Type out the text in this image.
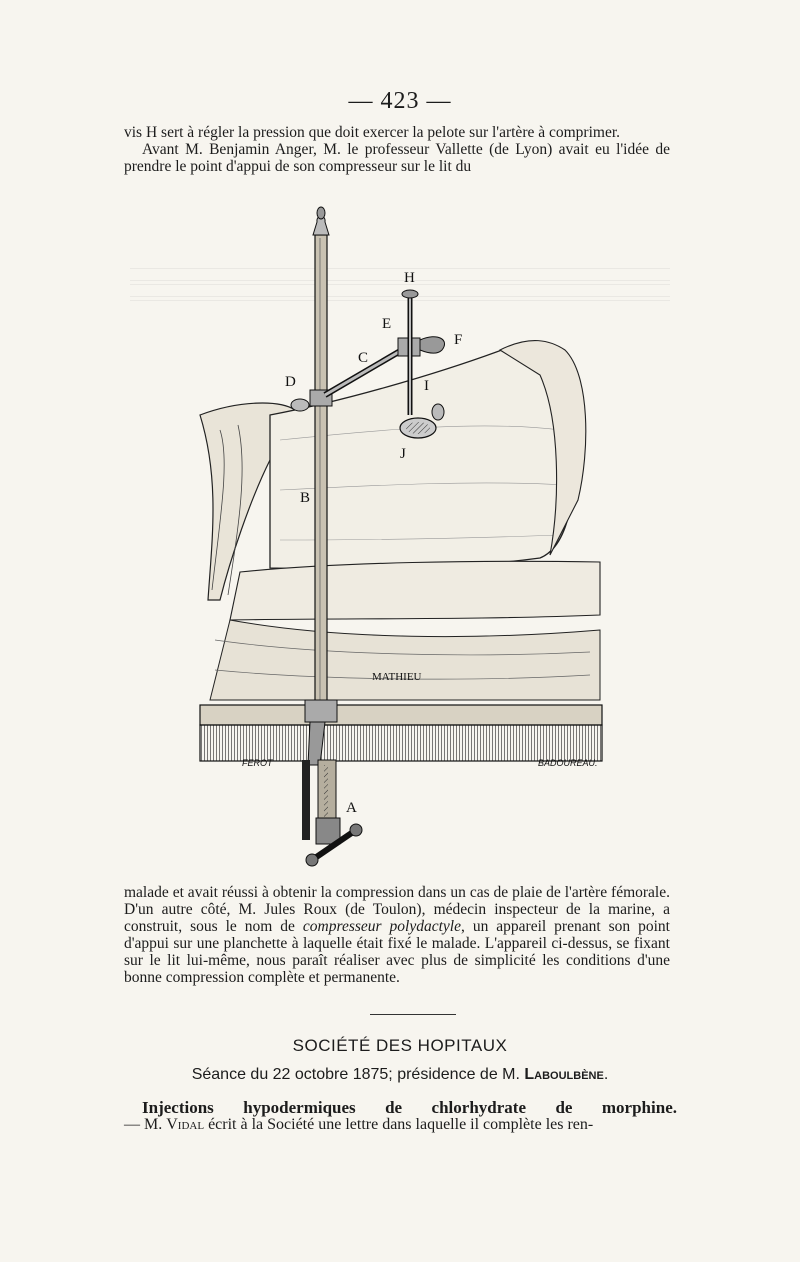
— 423 —

vis H sert à régler la pression que doit exercer la pelote sur l'artère à comprimer.

Avant M. Benjamin Anger, M. le professeur Vallette (de Lyon) avait eu l'idée de prendre le point d'appui de son compresseur sur le lit du

H
E
F
C
D	I
J
B
A
MATHIEU
FEROT	BADOUREAU.

malade et avait réussi à obtenir la compression dans un cas de plaie de l'artère fémorale. D'un autre côté, M. Jules Roux (de Toulon), médecin inspecteur de la marine, a construit, sous le nom de compresseur polydactyle, un appareil prenant son point d'appui sur une planchette à laquelle était fixé le malade. L'appareil ci-dessus, se fixant sur le lit lui-même, nous paraît réaliser avec plus de simplicité les conditions d'une bonne compression complète et permanente.

SOCIÉTÉ DES HOPITAUX
Séance du 22 octobre 1875; présidence de M. Laboulbène.
Injections hypodermiques de chlorhydrate de morphine.
— M. Vidal écrit à la Société une lettre dans laquelle il complète les ren-
